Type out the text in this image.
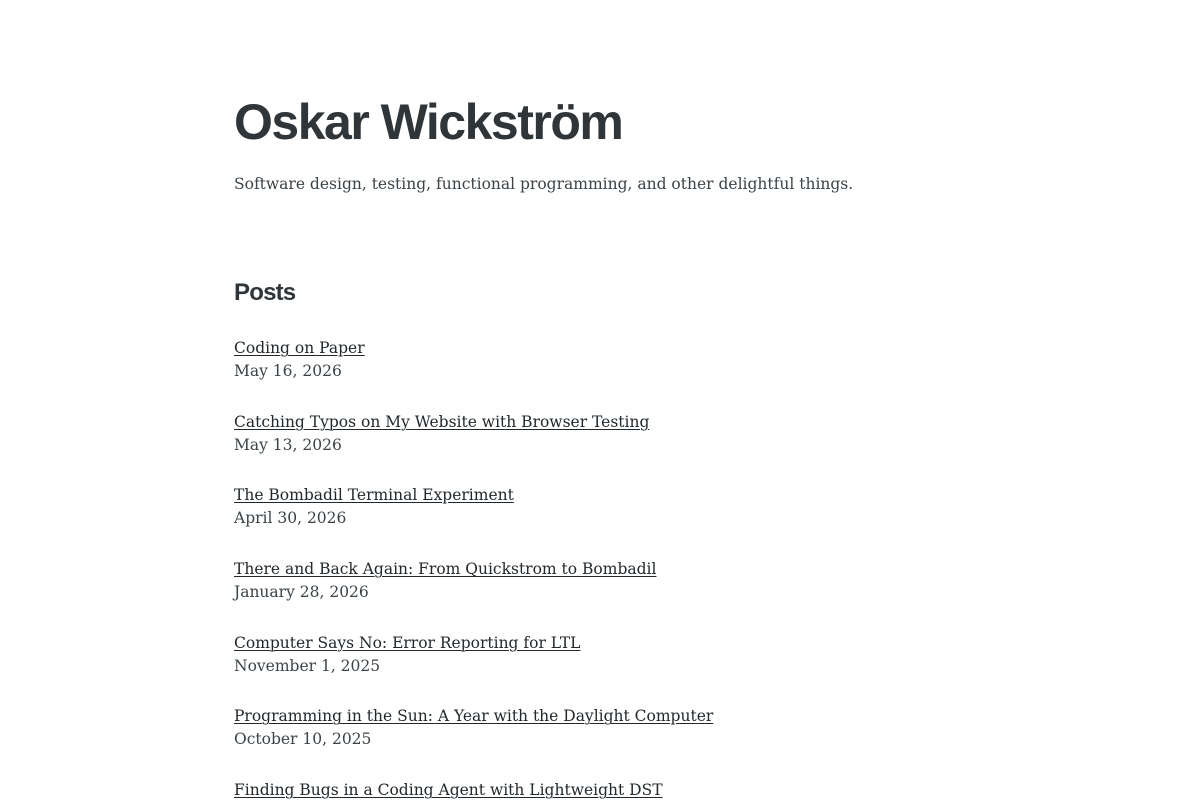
Oskar Wickström

Software design, testing, functional programming, and other delightful things.

Posts
Coding on Paper
May 16, 2026
Catching Typos on My Website with Browser Testing
May 13, 2026
The Bombadil Terminal Experiment
April 30, 2026
There and Back Again: From Quickstrom to Bombadil
January 28, 2026
Computer Says No: Error Reporting for LTL
November 1, 2025
Programming in the Sun: A Year with the Daylight Computer
October 10, 2025
Finding Bugs in a Coding Agent with Lightweight DST
